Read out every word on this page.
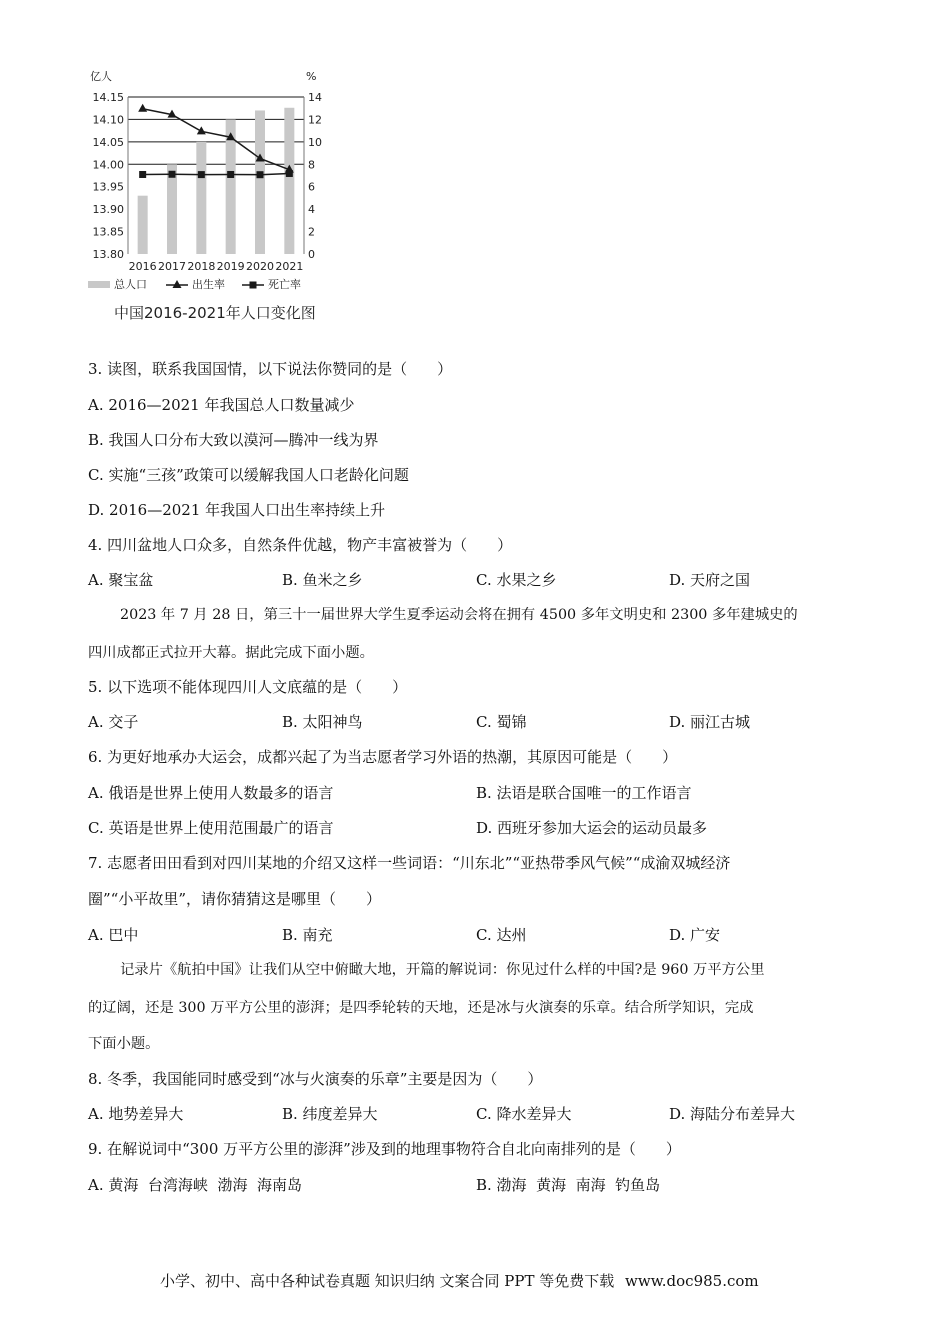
亿人	%
14.15	14
14.10	12
14.05	10
14.00	8
13.95	6
13.90	4
13.85	2
13.80	0
2016 2017 2018 2019 2020 2021
总人口	出生率	死亡率
中国2016-2021年人口变化图
3. 读图，联系我国国情，以下说法你赞同的是（　　）
A. 2016—2021 年我国总人口数量减少
B. 我国人口分布大致以漠河—腾冲一线为界
C. 实施“三孩”政策可以缓解我国人口老龄化问题
D. 2016—2021 年我国人口出生率持续上升
4. 四川盆地人口众多，自然条件优越，物产丰富被誉为（　　）
A. 聚宝盆	B. 鱼米之乡	C. 水果之乡	D. 天府之国
2023 年 7 月 28 日，第三十一届世界大学生夏季运动会将在拥有 4500 多年文明史和 2300 多年建城史的
四川成都正式拉开大幕。据此完成下面小题。
5. 以下选项不能体现四川人文底蕴的是（　　）
A. 交子	B. 太阳神鸟	C. 蜀锦	D. 丽江古城
6. 为更好地承办大运会，成都兴起了为当志愿者学习外语的热潮，其原因可能是（　　）
A. 俄语是世界上使用人数最多的语言	B. 法语是联合国唯一的工作语言
C. 英语是世界上使用范围最广的语言	D. 西班牙参加大运会的运动员最多
7. 志愿者田田看到对四川某地的介绍又这样一些词语：“川东北”“亚热带季风气候”“成渝双城经济
圈”“小平故里”，请你猜猜这是哪里（　　）
A. 巴中	B. 南充	C. 达州	D. 广安
记录片《航拍中国》让我们从空中俯瞰大地，开篇的解说词：你见过什么样的中国?是 960 万平方公里
的辽阔，还是 300 万平方公里的澎湃；是四季轮转的天地，还是冰与火演奏的乐章。结合所学知识，完成
下面小题。
8. 冬季，我国能同时感受到“冰与火演奏的乐章”主要是因为（　　）
A. 地势差异大	B. 纬度差异大	C. 降水差异大	D. 海陆分布差异大
9. 在解说词中“300 万平方公里的澎湃”涉及到的地理事物符合自北向南排列的是（　　）
A. 黄海  台湾海峡  渤海  海南岛	B. 渤海  黄海  南海  钓鱼岛
小学、初中、高中各种试卷真题 知识归纳 文案合同 PPT 等免费下载 www.doc985.com
